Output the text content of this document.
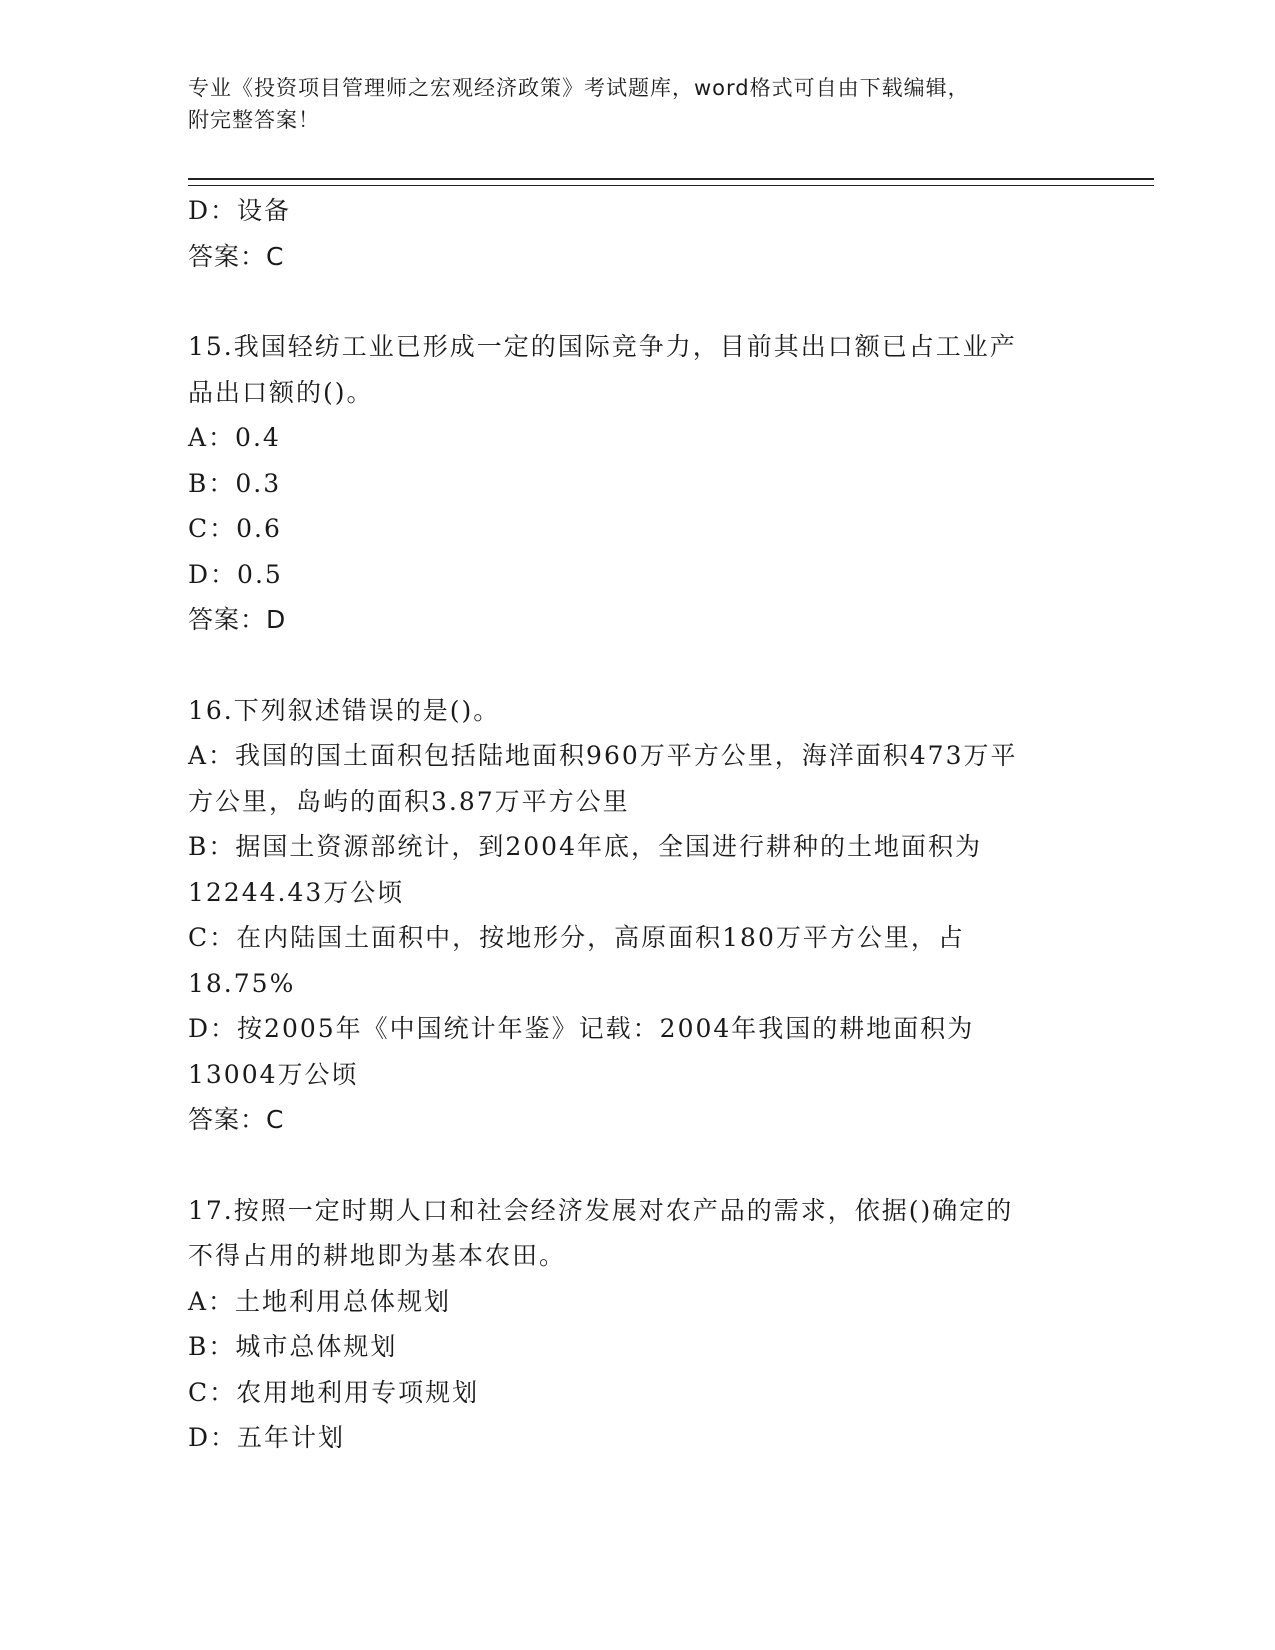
专业《投资项目管理师之宏观经济政策》考试题库，word格式可自由下载编辑，
附完整答案！

D：设备

答案：C

15.我国轻纺工业已形成一定的国际竞争力，目前其出口额已占工业产

品出口额的()。

A：0.4

B：0.3

C：0.6

D：0.5

答案：D

16.下列叙述错误的是()。

A：我国的国土面积包括陆地面积960万平方公里，海洋面积473万平

方公里，岛屿的面积3.87万平方公里

B：据国土资源部统计，到2004年底，全国进行耕种的土地面积为

12244.43万公顷

C：在内陆国土面积中，按地形分，高原面积180万平方公里，占

18.75%

D：按2005年《中国统计年鉴》记载：2004年我国的耕地面积为

13004万公顷

答案：C

17.按照一定时期人口和社会经济发展对农产品的需求，依据()确定的

不得占用的耕地即为基本农田。

A：土地利用总体规划

B：城市总体规划

C：农用地利用专项规划

D：五年计划
